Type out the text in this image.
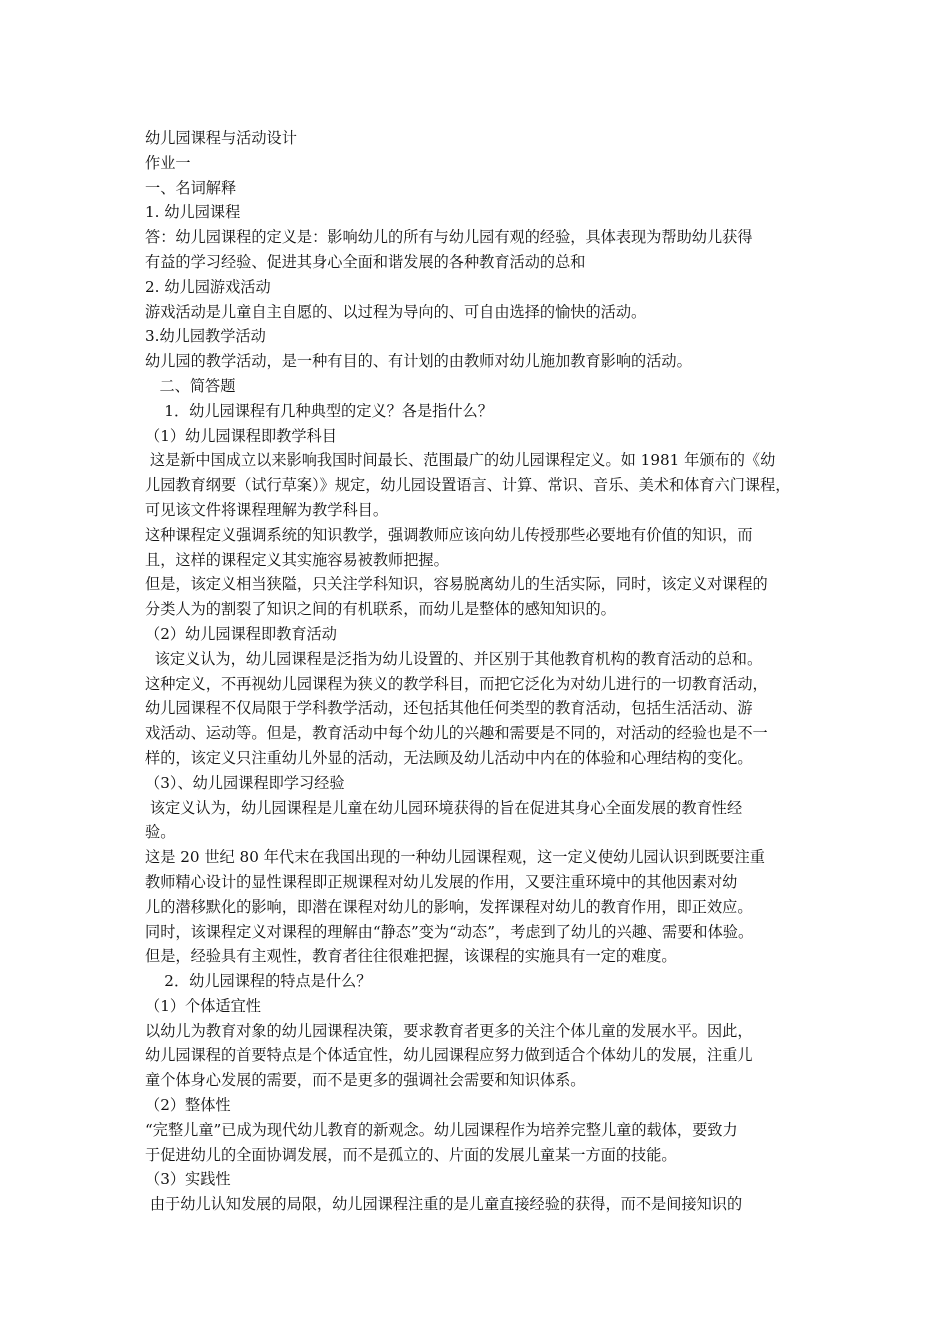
幼儿园课程与活动设计
作业一
一、名词解释
1. 幼儿园课程
答：幼儿园课程的定义是：影响幼儿的所有与幼儿园有观的经验，具体表现为帮助幼儿获得
有益的学习经验、促进其身心全面和谐发展的各种教育活动的总和
2. 幼儿园游戏活动
游戏活动是儿童自主自愿的、以过程为导向的、可自由选择的愉快的活动。
3.幼儿园教学活动
幼儿园的教学活动，是一种有目的、有计划的由教师对幼儿施加教育影响的活动。
二、简答题
1．幼儿园课程有几种典型的定义？各是指什么？
（1）幼儿园课程即教学科目
这是新中国成立以来影响我国时间最长、范围最广的幼儿园课程定义。如 1981 年颁布的《幼
儿园教育纲要（试行草案）》规定，幼儿园设置语言、计算、常识、音乐、美术和体育六门课程，
可见该文件将课程理解为教学科目。
这种课程定义强调系统的知识教学，强调教师应该向幼儿传授那些必要地有价值的知识，而
且，这样的课程定义其实施容易被教师把握。
但是，该定义相当狭隘，只关注学科知识，容易脱离幼儿的生活实际，同时，该定义对课程的
分类人为的割裂了知识之间的有机联系，而幼儿是整体的感知知识的。
（2）幼儿园课程即教育活动
该定义认为，幼儿园课程是泛指为幼儿设置的、并区别于其他教育机构的教育活动的总和。
这种定义，不再视幼儿园课程为狭义的教学科目，而把它泛化为对幼儿进行的一切教育活动，
幼儿园课程不仅局限于学科教学活动，还包括其他任何类型的教育活动，包括生活活动、游
戏活动、运动等。但是，教育活动中每个幼儿的兴趣和需要是不同的，对活动的经验也是不一
样的，该定义只注重幼儿外显的活动，无法顾及幼儿活动中内在的体验和心理结构的变化。
（3）、幼儿园课程即学习经验
该定义认为，幼儿园课程是儿童在幼儿园环境获得的旨在促进其身心全面发展的教育性经
验。
这是 20 世纪 80 年代末在我国出现的一种幼儿园课程观，这一定义使幼儿园认识到既要注重
教师精心设计的显性课程即正规课程对幼儿发展的作用，又要注重环境中的其他因素对幼
儿的潜移默化的影响，即潜在课程对幼儿的影响，发挥课程对幼儿的教育作用，即正效应。
同时，该课程定义对课程的理解由“静态”变为“动态”，考虑到了幼儿的兴趣、需要和体验。
但是，经验具有主观性，教育者往往很难把握，该课程的实施具有一定的难度。
2．幼儿园课程的特点是什么？
（1）个体适宜性
以幼儿为教育对象的幼儿园课程决策，要求教育者更多的关注个体儿童的发展水平。因此，
幼儿园课程的首要特点是个体适宜性，幼儿园课程应努力做到适合个体幼儿的发展，注重儿
童个体身心发展的需要，而不是更多的强调社会需要和知识体系。
（2）整体性
“完整儿童”已成为现代幼儿教育的新观念。幼儿园课程作为培养完整儿童的载体，要致力
于促进幼儿的全面协调发展，而不是孤立的、片面的发展儿童某一方面的技能。
（3）实践性
由于幼儿认知发展的局限，幼儿园课程注重的是儿童直接经验的获得，而不是间接知识的
